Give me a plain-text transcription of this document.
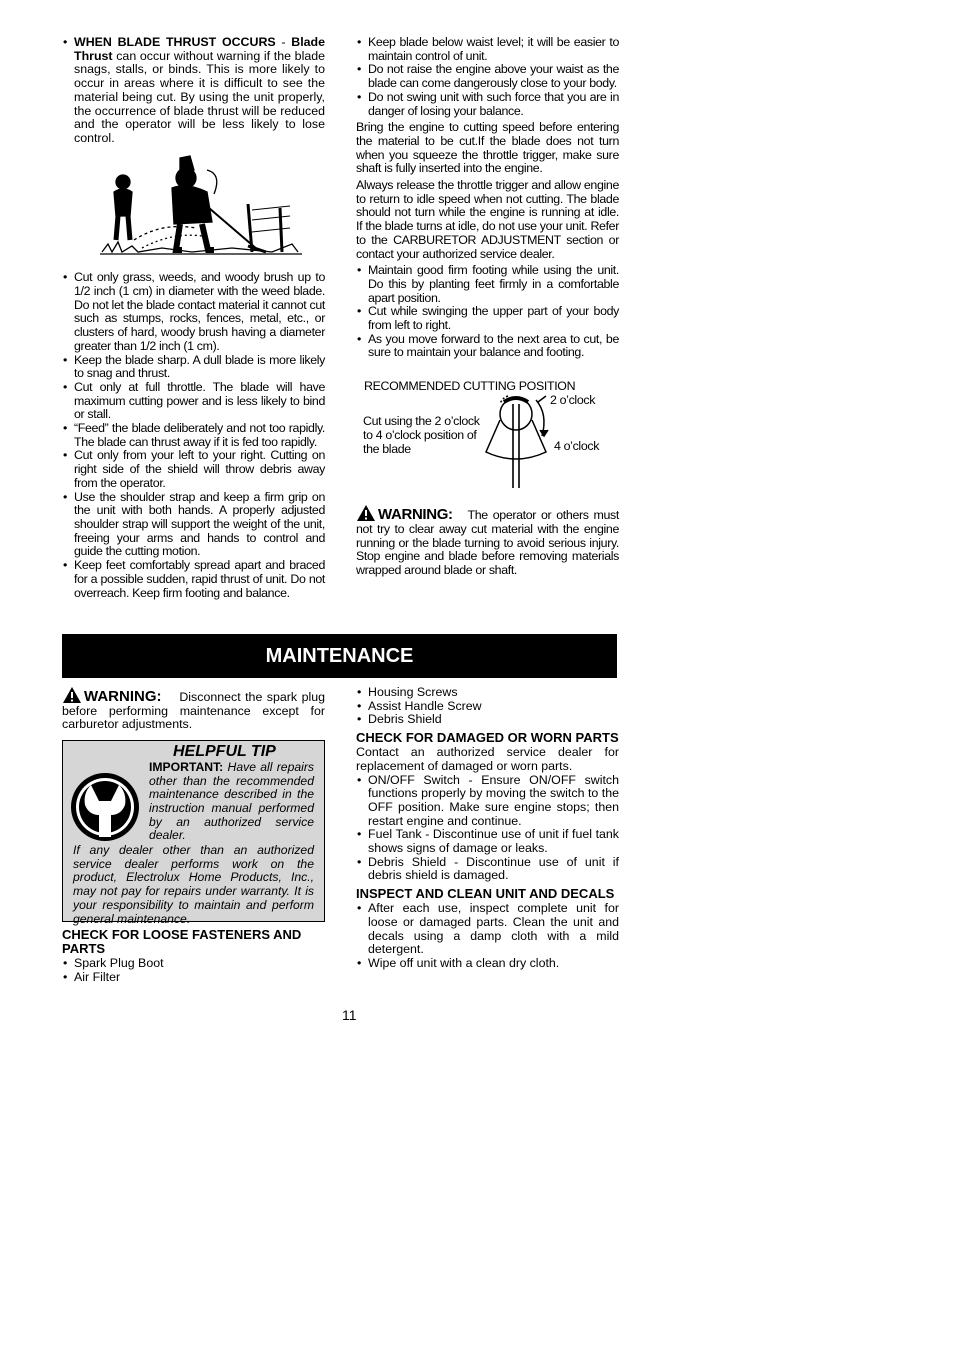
• WHEN BLADE THRUST OCCURS - Blade Thrust can occur without warning if the blade snags, stalls, or binds. This is more likely to occur in areas where it is difficult to see the material being cut. By using the unit properly, the occurrence of blade thrust will be reduced and the operator will be less likely to lose control.
• Cut only grass, weeds, and woody brush up to 1/2 inch (1 cm) in diameter with the weed blade. Do not let the blade contact material it cannot cut such as stumps, rocks, fences, metal, etc., or clusters of hard, woody brush having a diameter greater than 1/2 inch (1 cm).
• Keep the blade sharp. A dull blade is more likely to snag and thrust.
• Cut only at full throttle. The blade will have maximum cutting power and is less likely to bind or stall.
• “Feed” the blade deliberately and not too rapidly. The blade can thrust away if it is fed too rapidly.
• Cut only from your left to your right. Cutting on right side of the shield will throw debris away from the operator.
• Use the shoulder strap and keep a firm grip on the unit with both hands. A properly adjusted shoulder strap will support the weight of the unit, freeing your arms and hands to control and guide the cutting motion.
• Keep feet comfortably spread apart and braced for a possible sudden, rapid thrust of unit. Do not overreach. Keep firm footing and balance.
• Keep blade below waist level; it will be easier to maintain control of unit.
• Do not raise the engine above your waist as the blade can come dangerously close to your body.
• Do not swing unit with such force that you are in danger of losing your balance.

Bring the engine to cutting speed before entering the material to be cut.If the blade does not turn when you squeeze the throttle trigger, make sure shaft is fully inserted into the engine.

Always release the throttle trigger and allow engine to return to idle speed when not cutting. The blade should not turn while the engine is running at idle. If the blade turns at idle, do not use your unit. Refer to the CARBURETOR ADJUSTMENT section or contact your authorized service dealer.

• Maintain good firm footing while using the unit. Do this by planting feet firmly in a comfortable apart position.
• Cut while swinging the upper part of your body from left to right.
• As you move forward to the next area to cut, be sure to maintain your balance and footing.
RECOMMENDED CUTTING POSITION
Cut using the 2 o’clock to 4 o’clock position of the blade
2 o’clock
4 o’clock

WARNING: The operator or others must not try to clear away cut material with the engine running or the blade turning to avoid serious injury. Stop engine and blade before removing materials wrapped around blade or shaft.

MAINTENANCE

WARNING: Disconnect the spark plug before performing maintenance except for carburetor adjustments.

HELPFUL TIP
IMPORTANT: Have all repairs other than the recommended maintenance described in the instruction manual performed by an authorized service dealer.
If any dealer other than an authorized service dealer performs work on the product, Electrolux Home Products, Inc., may not pay for repairs under warranty. It is your responsibility to maintain and perform general maintenance.
CHECK FOR LOOSE FASTENERS AND PARTS
• Spark Plug Boot
• Air Filter
• Housing Screws
• Assist Handle Screw
• Debris Shield
CHECK FOR DAMAGED OR WORN PARTS

Contact an authorized service dealer for replacement of damaged or worn parts.

• ON/OFF Switch - Ensure ON/OFF switch functions properly by moving the switch to the OFF position. Make sure engine stops; then restart engine and continue.
• Fuel Tank - Discontinue use of unit if fuel tank shows signs of damage or leaks.
• Debris Shield - Discontinue use of unit if debris shield is damaged.
INSPECT AND CLEAN UNIT AND DECALS
• After each use, inspect complete unit for loose or damaged parts. Clean the unit and decals using a damp cloth with a mild detergent.
• Wipe off unit with a clean dry cloth.
11
